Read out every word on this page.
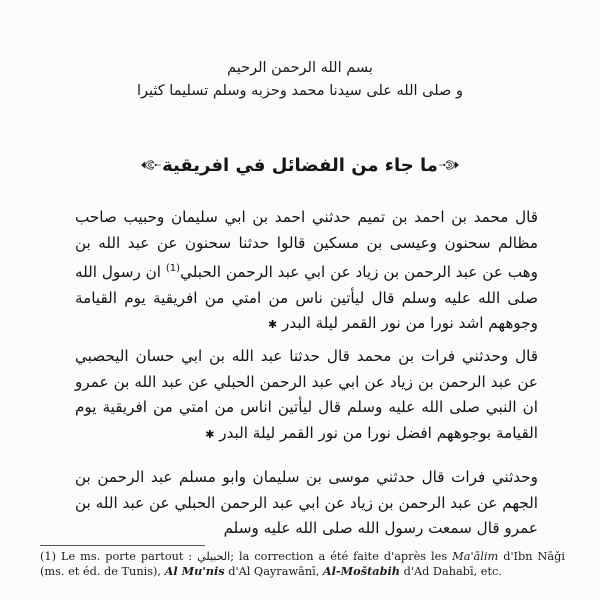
بسم الله الرحمن الرحيم
و صلى الله على سيدنا محمد وحزبه وسلم تسليما كثيرا
ما جاء من الفضائل في افريقية
قال محمد بن احمد بن تميم حدثني احمد بن ابي سليمان وحبيب صاحب مظالم سحنون وعيسى بن مسكين قالوا حدثنا سحنون عن عبد الله بن وهب عن عبد الرحمن بن زياد عن ابي عبد الرحمن الحبلي$^{(1)}$ ان رسول الله صلى الله عليه وسلم قال ليأتين ناس من امتي من افريقية يوم القيامة وجوههم اشد نورا من نور القمر ليلة البدر ✱
قال وحدثني فرات بن محمد قال حدثنا عبد الله بن ابي حسان اليحصبي عن عبد الرحمن بن زياد عن ابي عبد الرحمن الحبلي عن عبد الله بن عمرو ان النبي صلى الله عليه وسلم قال ليأتين اناس من امتي من افريقية يوم القيامة بوجوههم افضل نورا من نور القمر ليلة البدر ✱
وحدثني فرات قال حدثني موسى بن سليمان وابو مسلم عبد الرحمن بن الجهم عن عبد الرحمن بن زياد عن ابي عبد الرحمن الحبلي عن عبد الله بن عمرو قال سمعت رسول الله صلى الله عليه وسلم
(1) Le ms. porte partout : الحبيلي; la correction a été faite d'après les Ma'ālim d'Ibn Nāǧi (ms. et éd. de Tunis), Al Mu'nis d'Al Qayrawānī, Al-Moštabih d'Ad Dahabī, etc.
